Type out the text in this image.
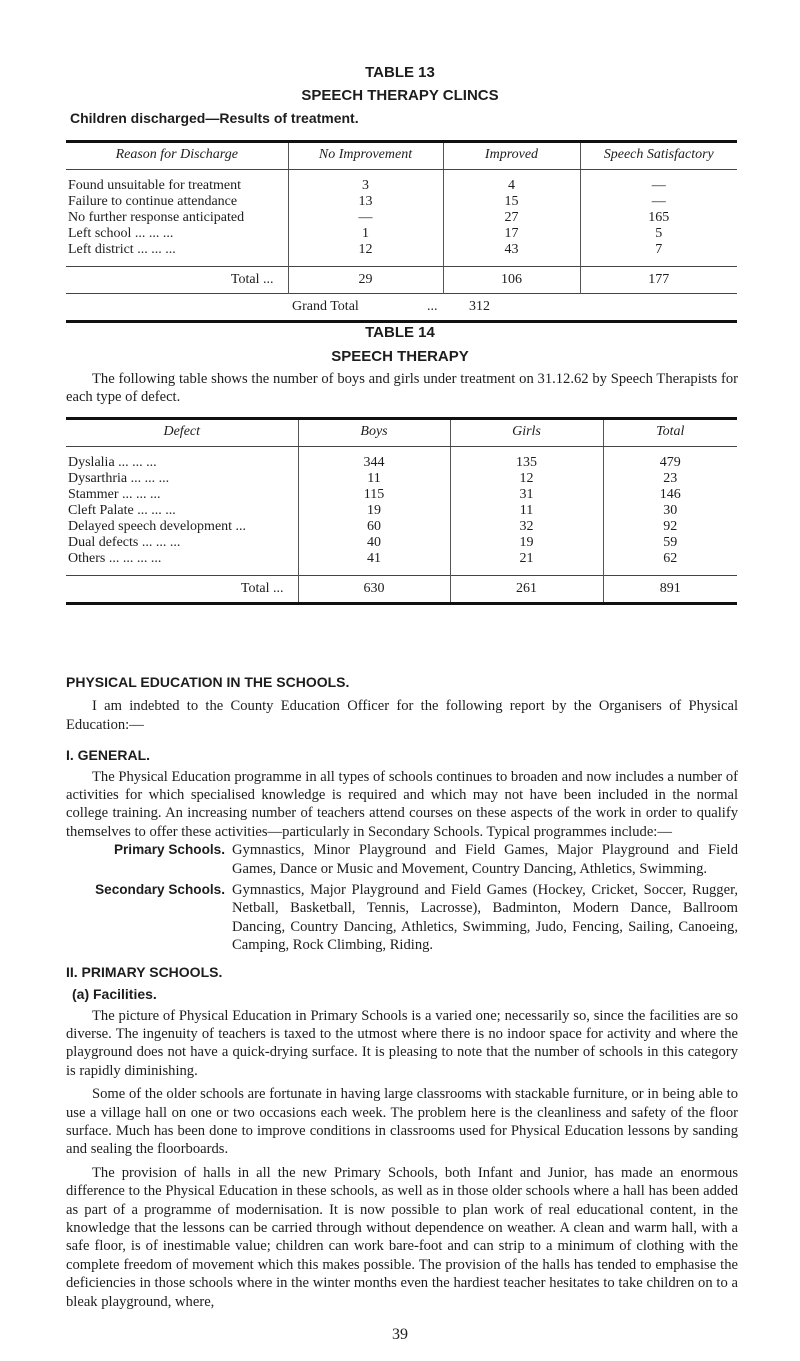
TABLE 13
SPEECH THERAPY CLINCS
Children discharged—Results of treatment.
Reason for Discharge	No Improvement	Improved	Speech Satisfactory

Found unsuitable for treatment	3	4	—
Failure to continue attendance	13	15	—
No further response anticipated	—	27	165
Left school ... ... ...	1	17	5
Left district ... ... ...	12	43	7

Total ...	29	106	177
	Grand Total	... 312	
TABLE 14
SPEECH THERAPY
The following table shows the number of boys and girls under treatment on 31.12.62 by Speech Therapists for each type of defect.
Defect	Boys	Girls	Total

Dyslalia ... ... ...	344	135	479
Dysarthria ... ... ...	11	12	23
Stammer ... ... ...	115	31	146
Cleft Palate ... ... ...	19	11	30
Delayed speech development ...	60	32	92
Dual defects ... ... ...	40	19	59
Others ... ... ... ...	41	21	62

Total ...	630	261	891

PHYSICAL EDUCATION IN THE SCHOOLS.

I am indebted to the County Education Officer for the following report by the Organisers of Physical Education:—

I. GENERAL.

The Physical Education programme in all types of schools continues to broaden and now includes a number of activities for which specialised knowledge is required and which may not have been included in the normal college training. An increasing number of teachers attend courses on these aspects of the work in order to qualify themselves to offer these activities—particularly in Secondary Schools. Typical programmes include:—

Primary Schools. Gymnastics, Minor Playground and Field Games, Major Playground and Field Games, Dance or Music and Movement, Country Dancing, Athletics, Swimming.
Secondary Schools. Gymnastics, Major Playground and Field Games (Hockey, Cricket, Soccer, Rugger, Netball, Basketball, Tennis, Lacrosse), Badminton, Modern Dance, Ballroom Dancing, Country Dancing, Athletics, Swimming, Judo, Fencing, Sailing, Canoeing, Camping, Rock Climbing, Riding.

II. PRIMARY SCHOOLS.

(a) Facilities.

The picture of Physical Education in Primary Schools is a varied one; necessarily so, since the facilities are so diverse. The ingenuity of teachers is taxed to the utmost where there is no indoor space for activity and where the playground does not have a quick-drying surface. It is pleasing to note that the number of schools in this category is rapidly diminishing.

Some of the older schools are fortunate in having large classrooms with stackable furniture, or in being able to use a village hall on one or two occasions each week. The problem here is the cleanliness and safety of the floor surface. Much has been done to improve conditions in classrooms used for Physical Education lessons by sanding and sealing the floorboards.

The provision of halls in all the new Primary Schools, both Infant and Junior, has made an enormous difference to the Physical Education in these schools, as well as in those older schools where a hall has been added as part of a programme of modernisation. It is now possible to plan work of real educational content, in the knowledge that the lessons can be carried through without dependence on weather. A clean and warm hall, with a safe floor, is of inestimable value; children can work bare-foot and can strip to a minimum of clothing with the complete freedom of movement which this makes possible. The provision of the halls has tended to emphasise the deficiencies in those schools where in the winter months even the hardiest teacher hesitates to take children on to a bleak playground, where,

39
